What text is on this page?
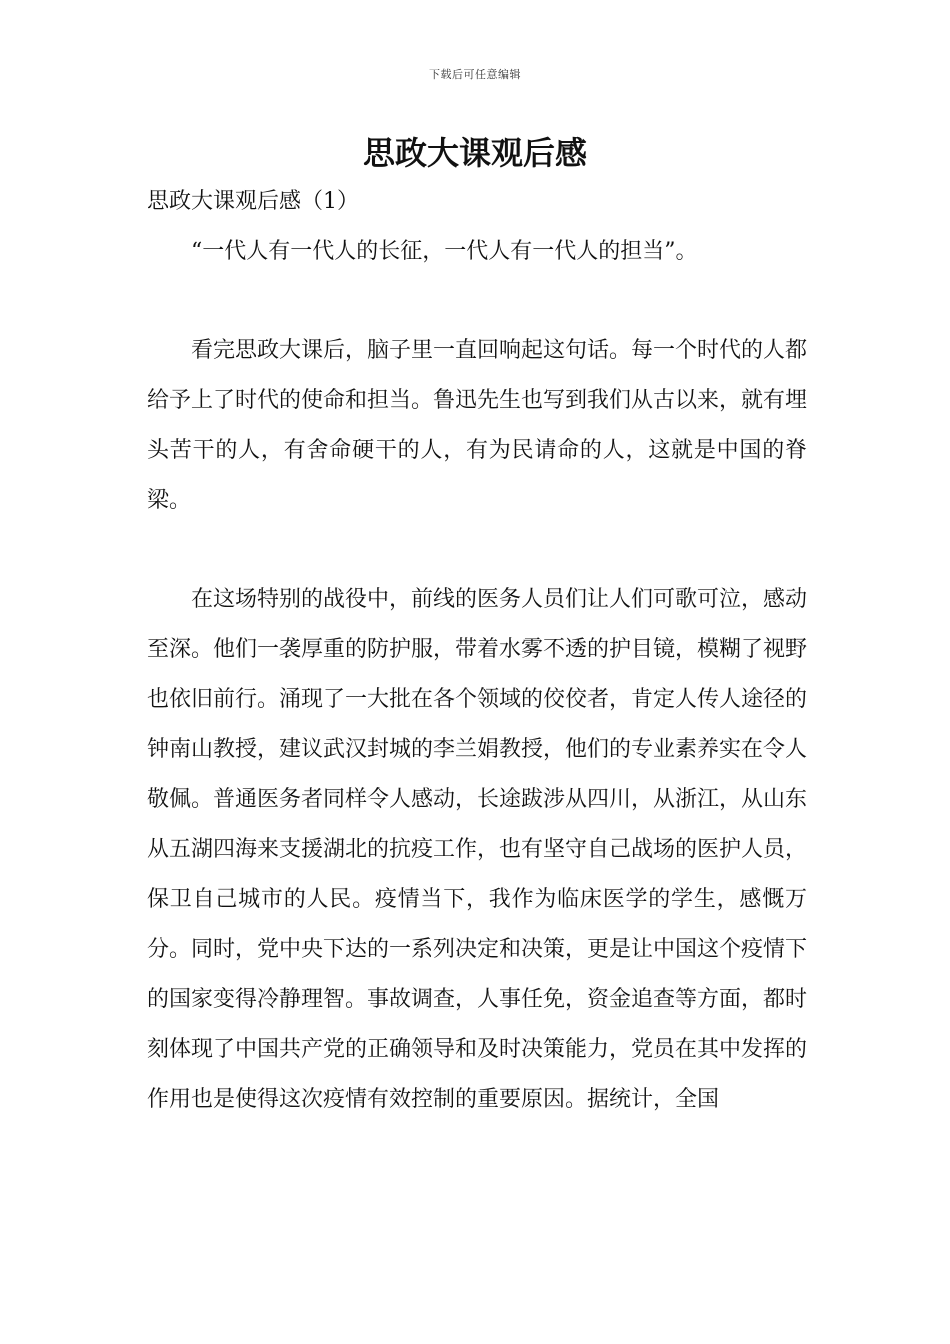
下载后可任意编辑
思政大课观后感

思政大课观后感（1）

“一代人有一代人的长征，一代人有一代人的担当”。

看完思政大课后，脑子里一直回响起这句话。每一个时代的人都给予上了时代的使命和担当。鲁迅先生也写到我们从古以来，就有埋头苦干的人，有舍命硬干的人，有为民请命的人，这就是中国的脊梁。

在这场特别的战役中，前线的医务人员们让人们可歌可泣，感动至深。他们一袭厚重的防护服，带着水雾不透的护目镜，模糊了视野也依旧前行。涌现了一大批在各个领域的佼佼者，肯定人传人途径的钟南山教授，建议武汉封城的李兰娟教授，他们的专业素养实在令人敬佩。普通医务者同样令人感动，长途跋涉从四川，从浙江，从山东从五湖四海来支援湖北的抗疫工作，也有坚守自己战场的医护人员，保卫自己城市的人民。疫情当下，我作为临床医学的学生，感慨万分。同时，党中央下达的一系列决定和决策，更是让中国这个疫情下的国家变得冷静理智。事故调查，人事任免，资金追查等方面，都时刻体现了中国共产党的正确领导和及时决策能力，党员在其中发挥的作用也是使得这次疫情有效控制的重要原因。据统计，全国
